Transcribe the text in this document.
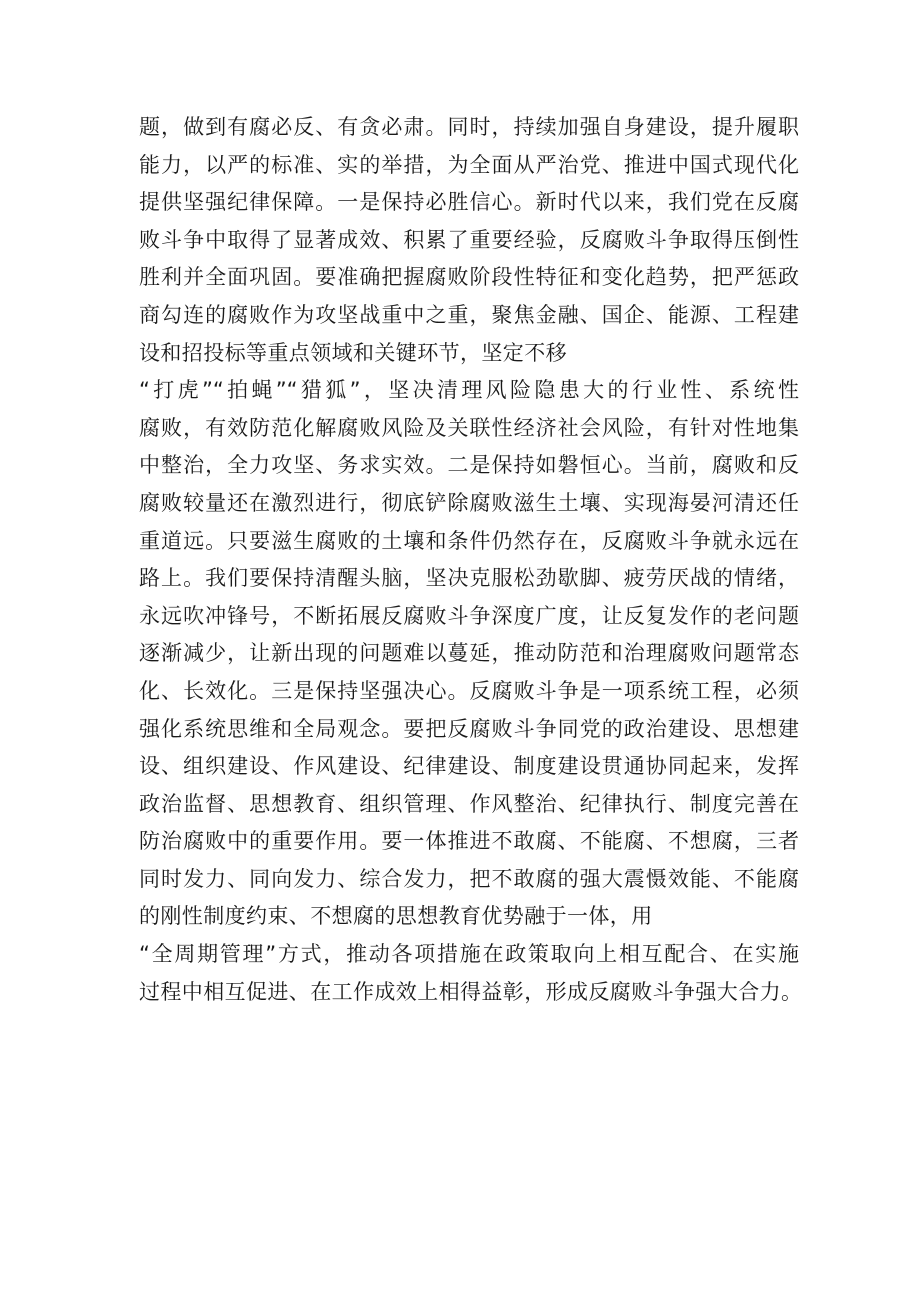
题，做到有腐必反、有贪必肃。同时，持续加强自身建设，提升履职
能力，以严的标准、实的举措，为全面从严治党、推进中国式现代化
提供坚强纪律保障。一是保持必胜信心。新时代以来，我们党在反腐
败斗争中取得了显著成效、积累了重要经验，反腐败斗争取得压倒性
胜利并全面巩固。要准确把握腐败阶段性特征和变化趋势，把严惩政
商勾连的腐败作为攻坚战重中之重，聚焦金融、国企、能源、工程建
设和招投标等重点领域和关键环节，坚定不移
“打虎”“拍蝇”“猎狐”，坚决清理风险隐患大的行业性、系统性
腐败，有效防范化解腐败风险及关联性经济社会风险，有针对性地集
中整治，全力攻坚、务求实效。二是保持如磐恒心。当前，腐败和反
腐败较量还在激烈进行，彻底铲除腐败滋生土壤、实现海晏河清还任
重道远。只要滋生腐败的土壤和条件仍然存在，反腐败斗争就永远在
路上。我们要保持清醒头脑，坚决克服松劲歇脚、疲劳厌战的情绪，
永远吹冲锋号，不断拓展反腐败斗争深度广度，让反复发作的老问题
逐渐减少，让新出现的问题难以蔓延，推动防范和治理腐败问题常态
化、长效化。三是保持坚强决心。反腐败斗争是一项系统工程，必须
强化系统思维和全局观念。要把反腐败斗争同党的政治建设、思想建
设、组织建设、作风建设、纪律建设、制度建设贯通协同起来，发挥
政治监督、思想教育、组织管理、作风整治、纪律执行、制度完善在
防治腐败中的重要作用。要一体推进不敢腐、不能腐、不想腐，三者
同时发力、同向发力、综合发力，把不敢腐的强大震慑效能、不能腐
的刚性制度约束、不想腐的思想教育优势融于一体，用
“全周期管理”方式，推动各项措施在政策取向上相互配合、在实施
过程中相互促进、在工作成效上相得益彰，形成反腐败斗争强大合力。
